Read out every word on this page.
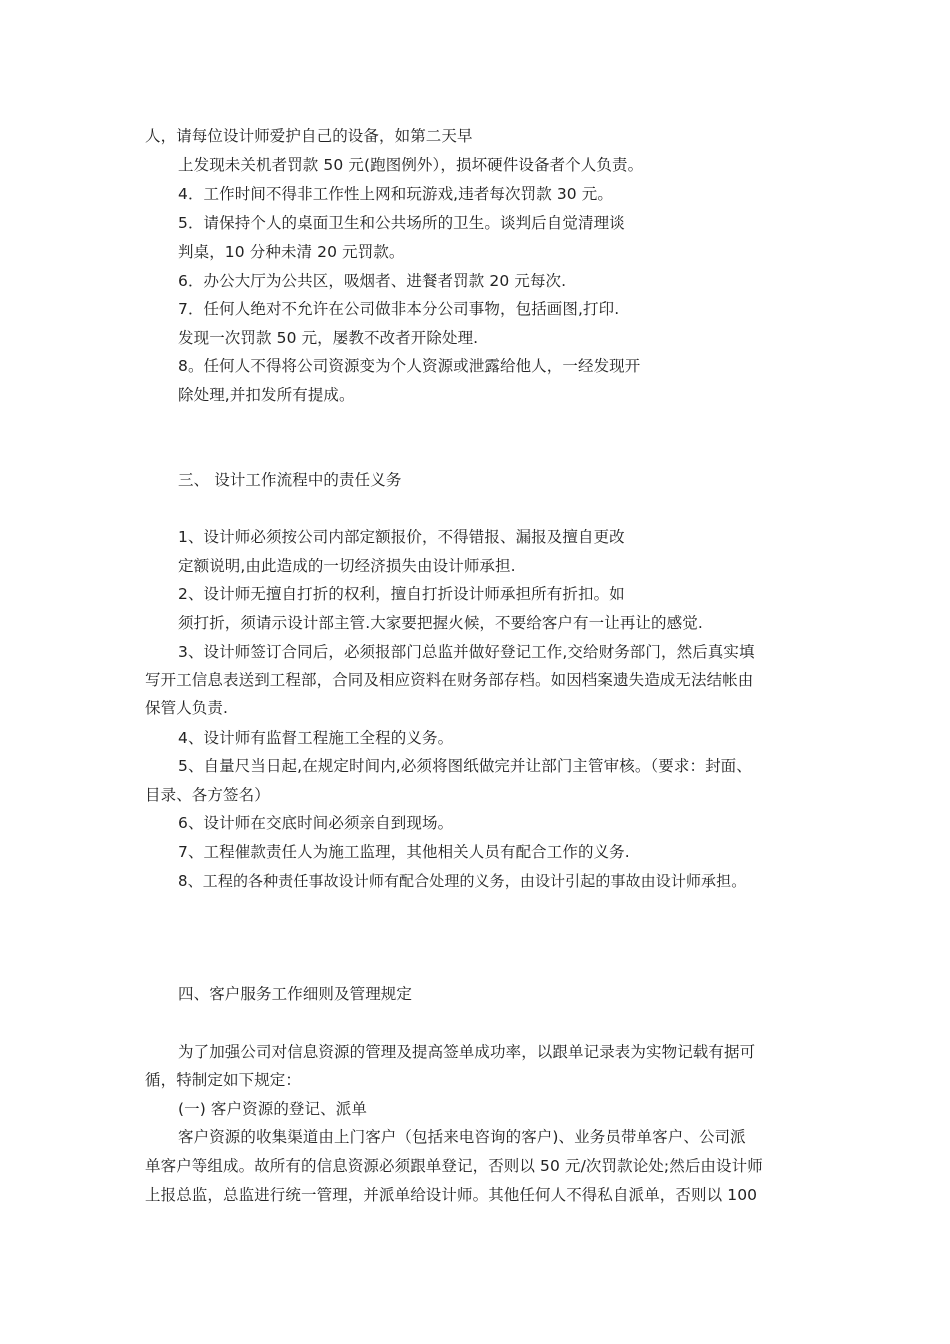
人，请每位设计师爱护自己的设备，如第二天早
上发现未关机者罚款 50 元(跑图例外），损坏硬件设备者个人负责。
4．工作时间不得非工作性上网和玩游戏,违者每次罚款 30 元。
5．请保持个人的桌面卫生和公共场所的卫生。谈判后自觉清理谈
判桌，10 分种未清 20 元罚款。
6．办公大厅为公共区，吸烟者、进餐者罚款 20 元每次.
7．任何人绝对不允许在公司做非本分公司事物，包括画图,打印.
发现一次罚款 50 元，屡教不改者开除处理.
8。任何人不得将公司资源变为个人资源或泄露给他人，一经发现开
除处理,并扣发所有提成。
三、 设计工作流程中的责任义务
1、设计师必须按公司内部定额报价，不得错报、漏报及擅自更改
定额说明,由此造成的一切经济损失由设计师承担.
2、设计师无擅自打折的权利，擅自打折设计师承担所有折扣。如
须打折，须请示设计部主管.大家要把握火候，不要给客户有一让再让的感觉.
3、设计师签订合同后，必须报部门总监并做好登记工作,交给财务部门，然后真实填
写开工信息表送到工程部，合同及相应资料在财务部存档。如因档案遗失造成无法结帐由
保管人负责.
4、设计师有监督工程施工全程的义务。
5、自量尺当日起,在规定时间内,必须将图纸做完并让部门主管审核。（要求：封面、
目录、各方签名）
6、设计师在交底时间必须亲自到现场。
7、工程催款责任人为施工监理，其他相关人员有配合工作的义务.
8、工程的各种责任事故设计师有配合处理的义务，由设计引起的事故由设计师承担。
四、客户服务工作细则及管理规定
为了加强公司对信息资源的管理及提高签单成功率，以跟单记录表为实物记载有据可
循，特制定如下规定：
(一) 客户资源的登记、派单
客户资源的收集渠道由上门客户（包括来电咨询的客户)、业务员带单客户、公司派
单客户等组成。故所有的信息资源必须跟单登记，否则以 50 元/次罚款论处;然后由设计师
上报总监，总监进行统一管理，并派单给设计师。其他任何人不得私自派单，否则以 100
